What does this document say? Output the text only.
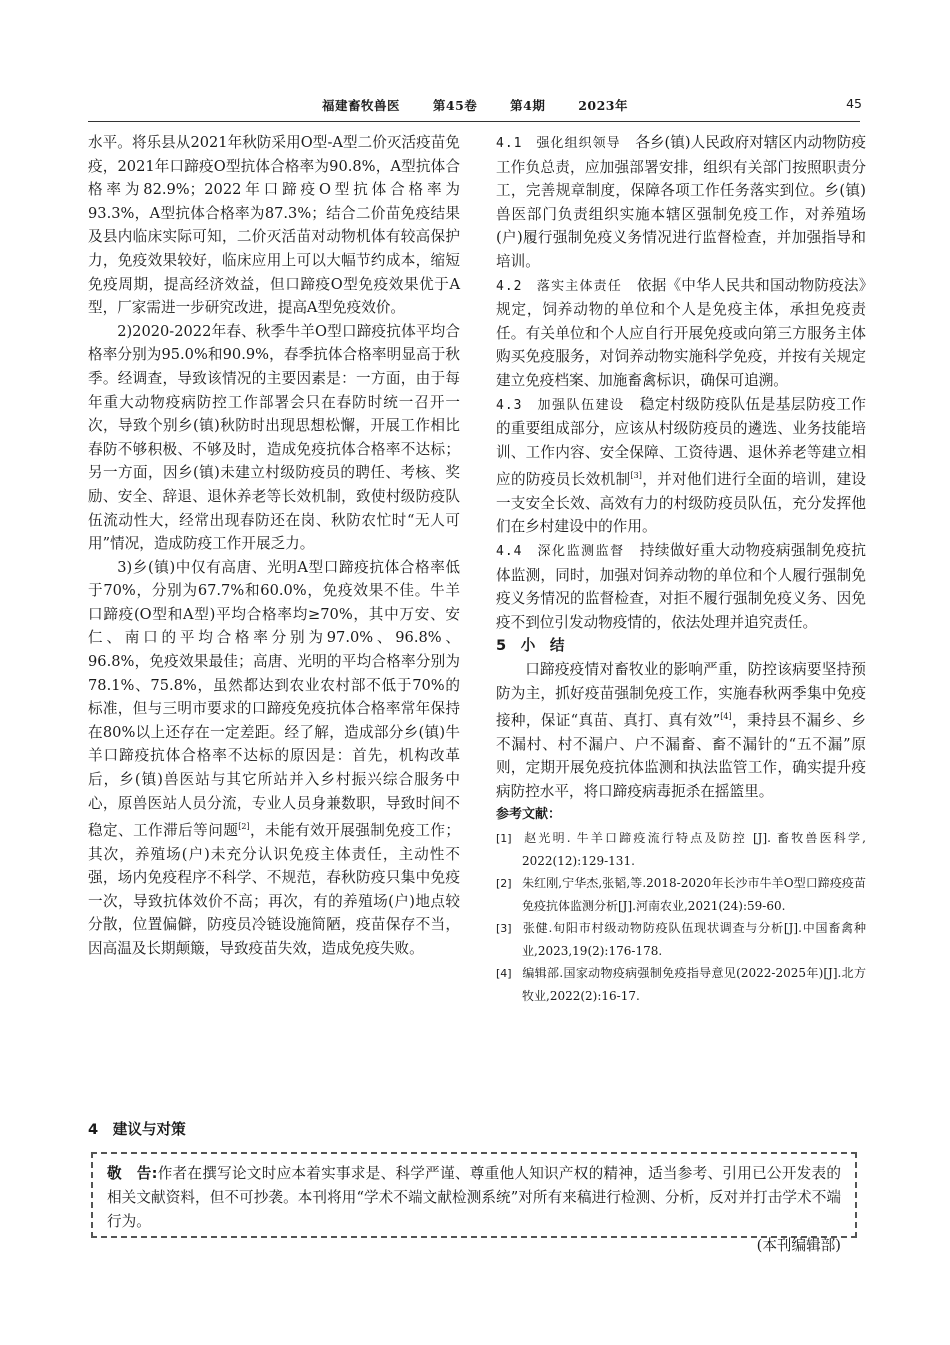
福建畜牧兽医	第45卷	第4期	2023年	45

水平。将乐县从2021年秋防采用O型-A型二价灭活疫苗免疫，2021年口蹄疫O型抗体合格率为90.8%，A型抗体合格率为82.9%；2022年口蹄疫O型抗体合格率为93.3%，A型抗体合格率为87.3%；结合二价苗免疫结果及县内临床实际可知，二价灭活苗对动物机体有较高保护力，免疫效果较好，临床应用上可以大幅节约成本，缩短免疫周期，提高经济效益，但口蹄疫O型免疫效果优于A型，厂家需进一步研究改进，提高A型免疫效价。

2)2020-2022年春、秋季牛羊O型口蹄疫抗体平均合格率分别为95.0%和90.9%，春季抗体合格率明显高于秋季。经调查，导致该情况的主要因素是：一方面，由于每年重大动物疫病防控工作部署会只在春防时统一召开一次，导致个别乡(镇)秋防时出现思想松懈，开展工作相比春防不够积极、不够及时，造成免疫抗体合格率不达标；另一方面，因乡(镇)未建立村级防疫员的聘任、考核、奖励、安全、辞退、退休养老等长效机制，致使村级防疫队伍流动性大，经常出现春防还在岗、秋防农忙时“无人可用”情况，造成防疫工作开展乏力。

3)乡(镇)中仅有高唐、光明A型口蹄疫抗体合格率低于70%，分别为67.7%和60.0%，免疫效果不佳。牛羊口蹄疫(O型和A型)平均合格率均≥70%，其中万安、安仁、南口的平均合格率分别为97.0%、96.8%、96.8%，免疫效果最佳；高唐、光明的平均合格率分别为78.1%、75.8%，虽然都达到农业农村部不低于70%的标准，但与三明市要求的口蹄疫免疫抗体合格率常年保持在80%以上还存在一定差距。经了解，造成部分乡(镇)牛羊口蹄疫抗体合格率不达标的原因是：首先，机构改革后，乡(镇)兽医站与其它所站并入乡村振兴综合服务中心，原兽医站人员分流，专业人员身兼数职，导致时间不稳定、工作滞后等问题[2]，未能有效开展强制免疫工作；其次，养殖场(户)未充分认识免疫主体责任，主动性不强，场内免疫程序不科学、不规范，春秋防疫只集中免疫一次，导致抗体效价不高；再次，有的养殖场(户)地点较分散，位置偏僻，防疫员冷链设施简陋，疫苗保存不当，因高温及长期颠簸，导致疫苗失效，造成免疫失败。

4　建议与对策

4.1　强化组织领导　 各乡(镇)人民政府对辖区内动物防疫工作负总责，应加强部署安排，组织有关部门按照职责分工，完善规章制度，保障各项工作任务落实到位。乡(镇)兽医部门负责组织实施本辖区强制免疫工作，对养殖场(户)履行强制免疫义务情况进行监督检查，并加强指导和培训。

4.2　落实主体责任　 依据《中华人民共和国动物防疫法》规定，饲养动物的单位和个人是免疫主体，承担免疫责任。有关单位和个人应自行开展免疫或向第三方服务主体购买免疫服务，对饲养动物实施科学免疫，并按有关规定建立免疫档案、加施畜禽标识，确保可追溯。

4.3　加强队伍建设　 稳定村级防疫队伍是基层防疫工作的重要组成部分，应该从村级防疫员的遴选、业务技能培训、工作内容、安全保障、工资待遇、退休养老等建立相应的防疫员长效机制[3]，并对他们进行全面的培训，建设一支安全长效、高效有力的村级防疫员队伍，充分发挥他们在乡村建设中的作用。

4.4　深化监测监督　 持续做好重大动物疫病强制免疫抗体监测，同时，加强对饲养动物的单位和个人履行强制免疫义务情况的监督检查，对拒不履行强制免疫义务、因免疫不到位引发动物疫情的，依法处理并追究责任。

5　小　结

口蹄疫疫情对畜牧业的影响严重，防控该病要坚持预防为主，抓好疫苗强制免疫工作，实施春秋两季集中免疫接种，保证“真苗、真打、真有效”[4]，秉持县不漏乡、乡不漏村、村不漏户、户不漏畜、畜不漏针的“五不漏”原则，定期开展免疫抗体监测和执法监管工作，确实提升疫病防控水平，将口蹄疫病毒扼杀在摇篮里。

参考文献：

[1] 赵光明. 牛羊口蹄疫流行特点及防控 [J]. 畜牧兽医科学, 2022(12):129-131.

[2] 朱红刚,宁华杰,张韬,等.2018-2020年长沙市牛羊O型口蹄疫疫苗免疫抗体监测分析[J].河南农业,2021(24):59-60.

[3] 张健.旬阳市村级动物防疫队伍现状调查与分析[J].中国畜禽种业,2023,19(2):176-178.

[4] 编辑部.国家动物疫病强制免疫指导意见(2022-2025年)[J].北方牧业,2022(2):16-17.

敬　告:作者在撰写论文时应本着实事求是、科学严谨、尊重他人知识产权的精神，适当参考、引用已公开发表的相关文献资料，但不可抄袭。本刊将用“学术不端文献检测系统”对所有来稿进行检测、分析，反对并打击学术不端行为。
(本刊编辑部)
